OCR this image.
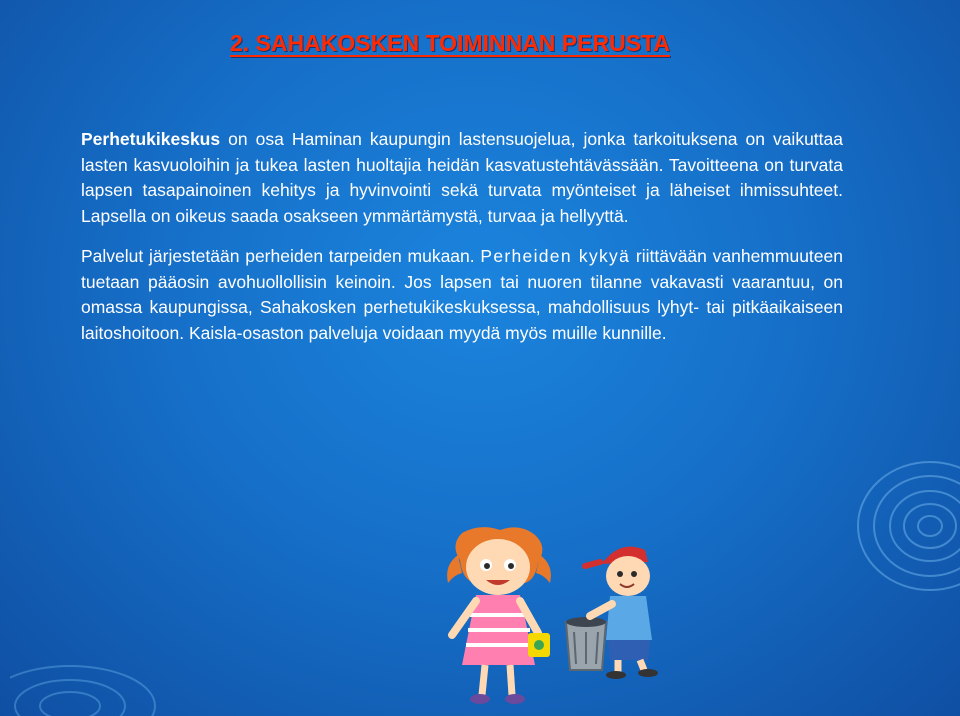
2. SAHAKOSKEN TOIMINNAN PERUSTA

Perhetukikeskus on osa Haminan kaupungin lastensuojelua, jonka tarkoituksena on vaikuttaa lasten kasvuoloihin ja tukea lasten huoltajia heidän kasvatustehtävässään. Tavoitteena on turvata lapsen tasapainoinen kehitys ja hyvinvointi sekä turvata myönteiset ja läheiset ihmissuhteet. Lapsella on oikeus saada osakseen ymmärtämystä, turvaa ja hellyyttä.

Palvelut järjestetään perheiden tarpeiden mukaan. Perheiden kykyä riittävään vanhemmuuteen tuetaan pääosin avohuollollisin keinoin. Jos lapsen tai nuoren tilanne vakavasti vaarantuu, on omassa kaupungissa, Sahakosken perhetukikeskuksessa, mahdollisuus lyhyt- tai pitkäaikaiseen laitoshoitoon. Kaisla-osaston palveluja voidaan myydä myös muille kunnille.
